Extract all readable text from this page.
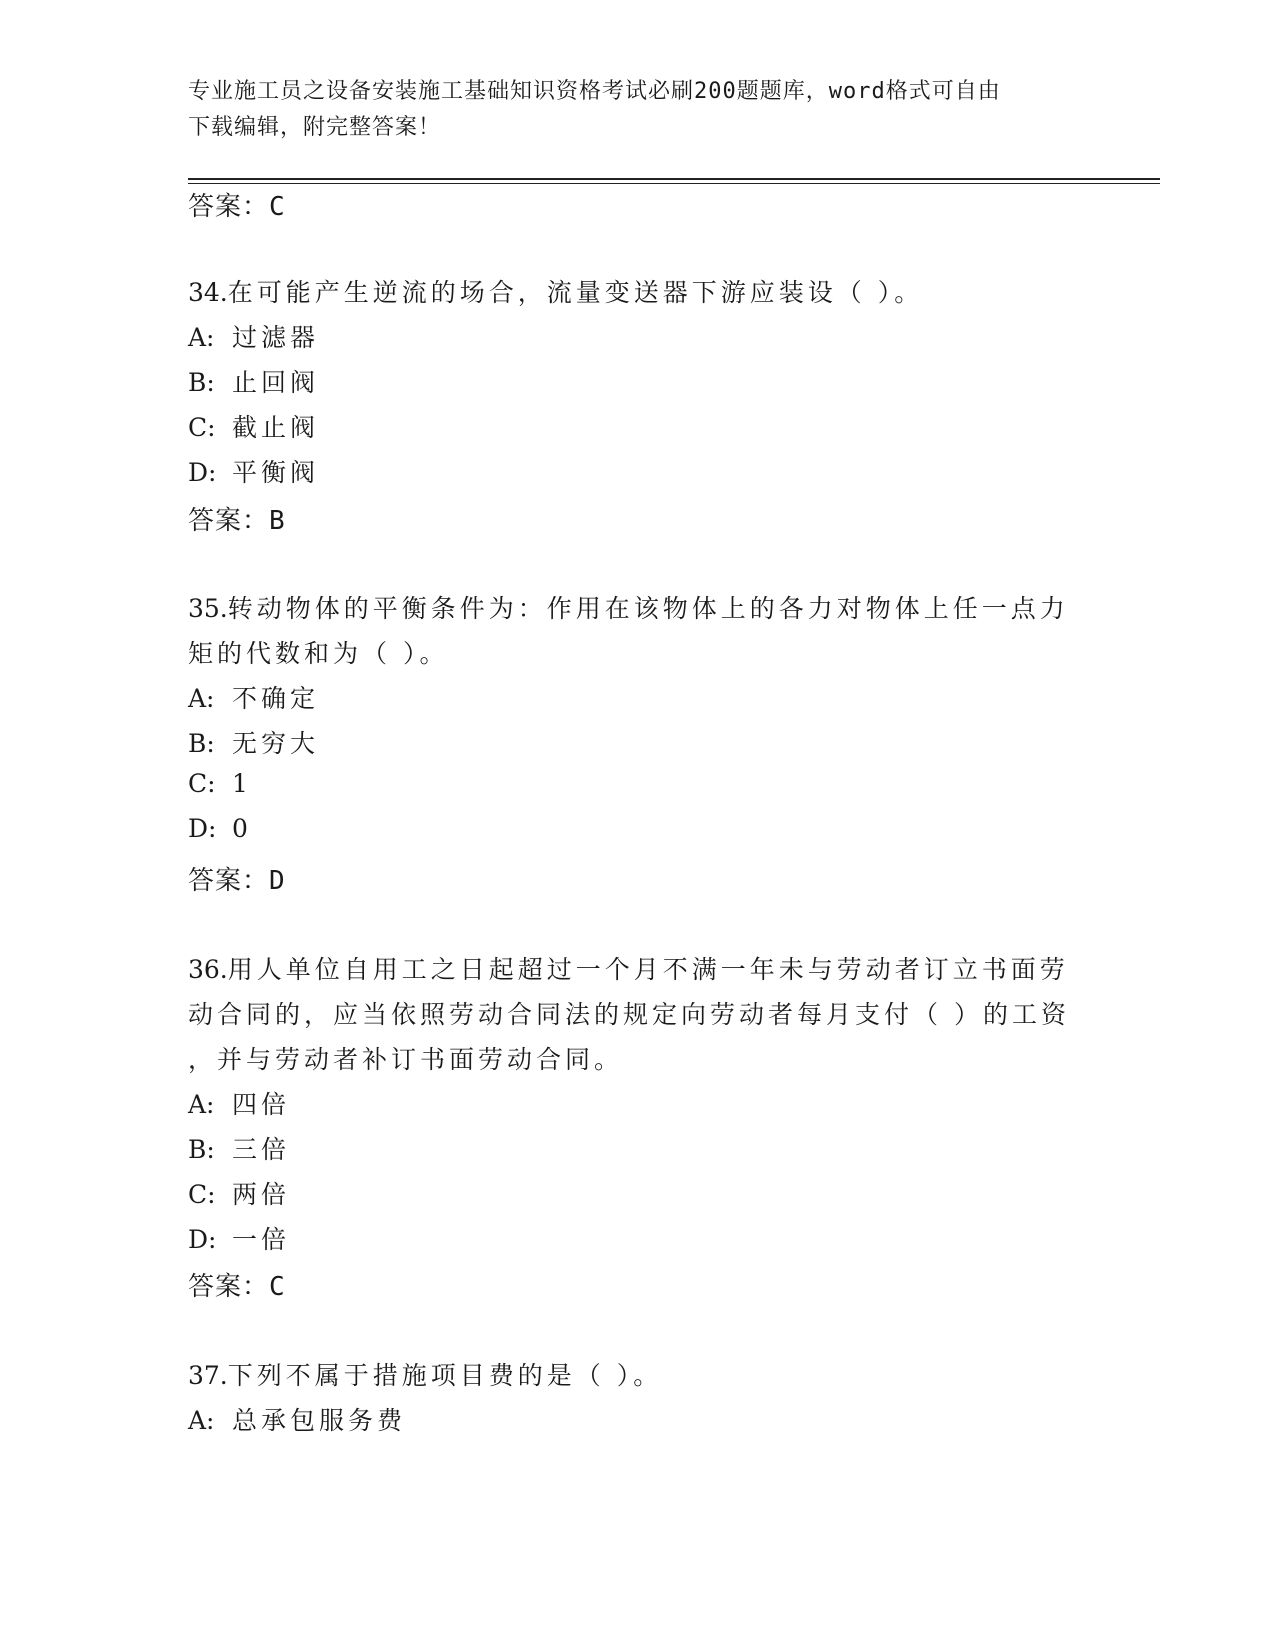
专业施工员之设备安装施工基础知识资格考试必刷200题题库，word格式可自由
下载编辑，附完整答案！
答案：C
34.在可能产生逆流的场合，流量变送器下游应装设（ ）。
A: 过滤器
B: 止回阀
C: 截止阀
D: 平衡阀
答案：B
35.转动物体的平衡条件为：作用在该物体上的各力对物体上任一点力
矩的代数和为（ ）。
A: 不确定
B: 无穷大
C: 1
D: 0
答案：D
36.用人单位自用工之日起超过一个月不满一年未与劳动者订立书面劳
动合同的，应当依照劳动合同法的规定向劳动者每月支付（ ）的工资
，并与劳动者补订书面劳动合同。
A: 四倍
B: 三倍
C: 两倍
D: 一倍
答案：C
37.下列不属于措施项目费的是（ ）。
A: 总承包服务费
